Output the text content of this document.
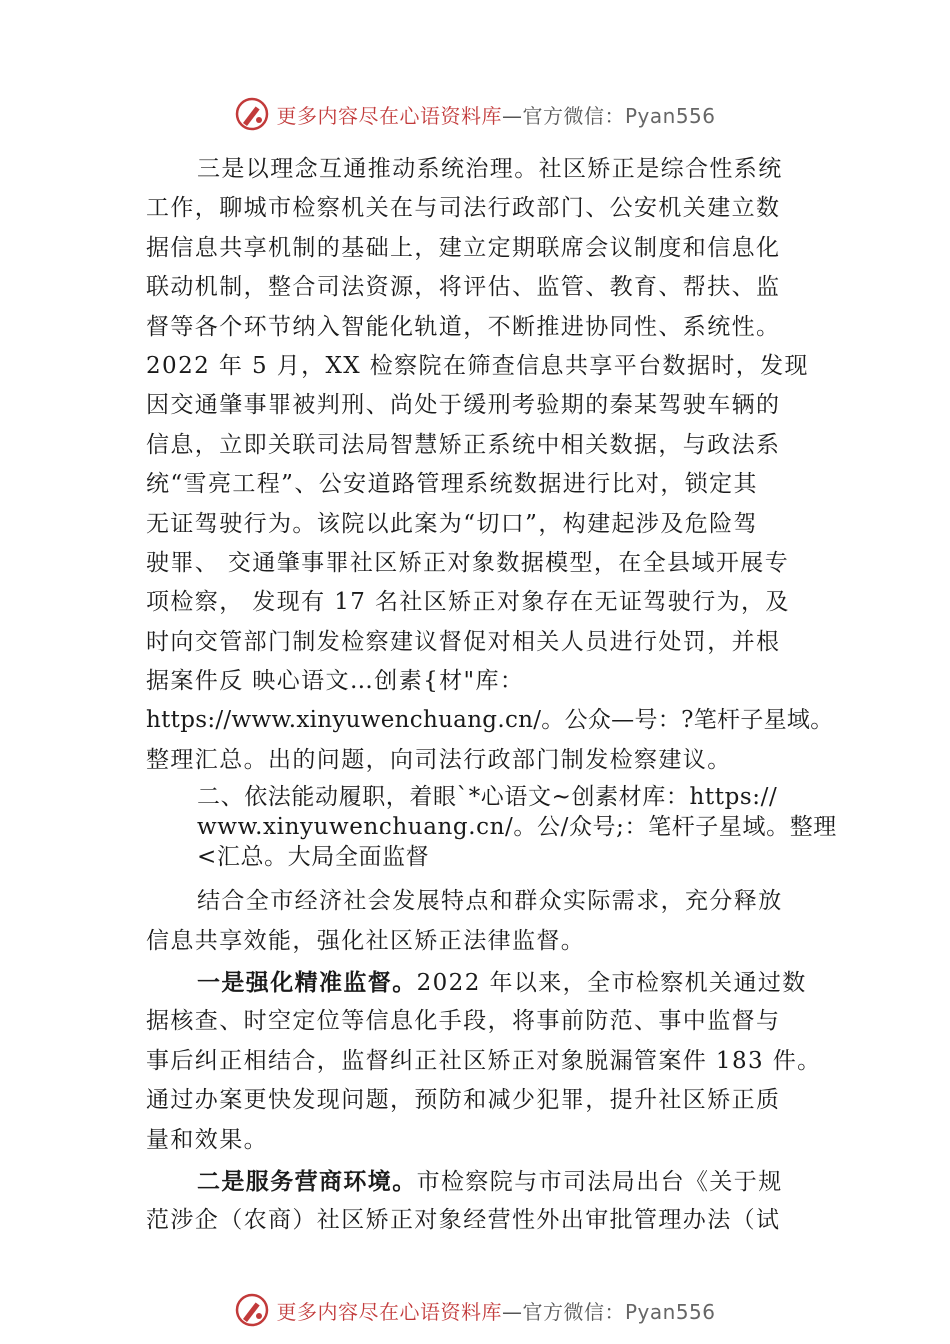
更多内容尽在心语资料库—官方微信：Pyan556
三是以理念互通推动系统治理。社区矫正是综合性系统
工作，聊城市检察机关在与司法行政部门、公安机关建立数
据信息共享机制的基础上，建立定期联席会议制度和信息化
联动机制，整合司法资源，将评估、监管、教育、帮扶、监
督等各个环节纳入智能化轨道，不断推进协同性、系统性。
2022 年 5 月，XX 检察院在筛查信息共享平台数据时，发现
因交通肇事罪被判刑、尚处于缓刑考验期的秦某驾驶车辆的
信息，立即关联司法局智慧矫正系统中相关数据，与政法系
统“雪亮工程”、公安道路管理系统数据进行比对，锁定其
无证驾驶行为。该院以此案为“切口”，构建起涉及危险驾
驶罪、 交通肇事罪社区矫正对象数据模型，在全县域开展专
项检察， 发现有 17 名社区矫正对象存在无证驾驶行为，及
时向交管部门制发检察建议督促对相关人员进行处罚，并根
据案件反 映心语文…创素{材"库：
https://www.xinyuwenchuang.cn/。公众—号：?笔杆子星域。
整理汇总。出的问题，向司法行政部门制发检察建议。
二、依法能动履职，着眼`*心语文~创素材库：https://
www.xinyuwenchuang.cn/。公/众号;：笔杆子星域。整理
<汇总。大局全面监督
结合全市经济社会发展特点和群众实际需求，充分释放
信息共享效能，强化社区矫正法律监督。
一是强化精准监督。2022 年以来，全市检察机关通过数
据核查、时空定位等信息化手段，将事前防范、事中监督与
事后纠正相结合，监督纠正社区矫正对象脱漏管案件 183 件。
通过办案更快发现问题，预防和减少犯罪，提升社区矫正质
量和效果。
二是服务营商环境。市检察院与市司法局出台《关于规
范涉企（农商）社区矫正对象经营性外出审批管理办法（试
更多内容尽在心语资料库—官方微信：Pyan556
